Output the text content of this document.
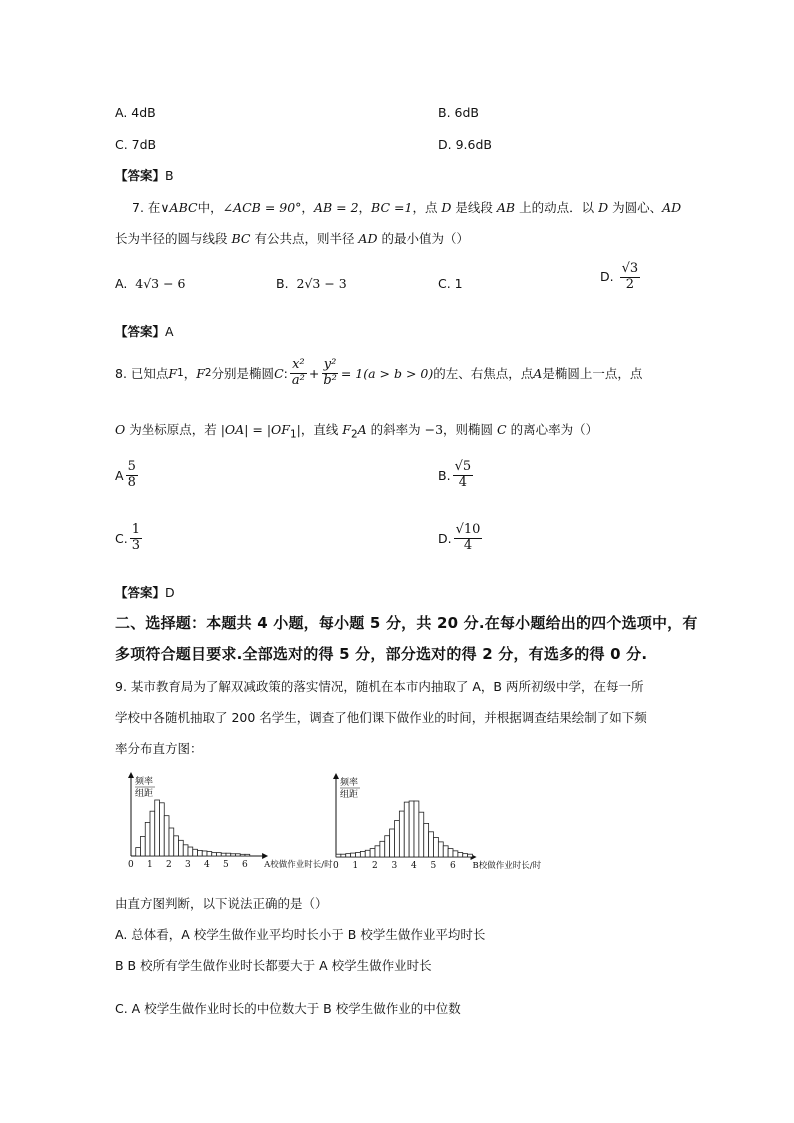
A. 4dB	B. 6dB
C. 7dB	D. 9.6dB
【答案】B
7. 在∨ABC中，∠ACB = 90°，AB = 2，BC =1，点 D 是线段 AB 上的动点．以 D 为圆心、AD
长为半径的圆与线段 BC 有公共点，则半径 AD 的最小值为（）
A. 4√3 − 6	B. 2√3 − 3	C. 1	D. $\frac{√3}{2}$
【答案】A
8. 已知点 F 1 ， F 2 分别是椭圆 C : $\frac{\text{x²}}{\text{a²}} + \frac{\text{y²}}{\text{b²}} = 1(a > b > 0)$ 的左、右焦点，点 A 是椭圆上一点，点
O 为坐标原点，若 $|OA| = |OF_1|$，直线 $F_2A$ 的斜率为 −3，则椭圆 C 的离心率为（）
A $\frac{5}{8}$	B. $\frac{√5}{4}$
C. $\frac{1}{3}$	D. $\frac{√10}{4}$
【答案】D
二、选择题：本题共 4 小题，每小题 5 分，共 20 分.在每小题给出的四个选项中，有
多项符合题目要求.全部选对的得 5 分，部分选对的得 2 分，有选多的得 0 分.
9. 某市教育局为了解双减政策的落实情况，随机在本市内抽取了 A，B 两所初级中学，在每一所
学校中各随机抽取了 200 名学生，调查了他们课下做作业的时间，并根据调查结果绘制了如下频
率分布直方图：
频率
组距
0 1 2 3 4 5 6 A校做作业时长/时
频率
组距
0 1 2 3 4 5 6 B校做作业时长/时
由直方图判断，以下说法正确的是（）
A. 总体看，A 校学生做作业平均时长小于 B 校学生做作业平均时长
B B 校所有学生做作业时长都要大于 A 校学生做作业时长
C. A 校学生做作业时长的中位数大于 B 校学生做作业的中位数
